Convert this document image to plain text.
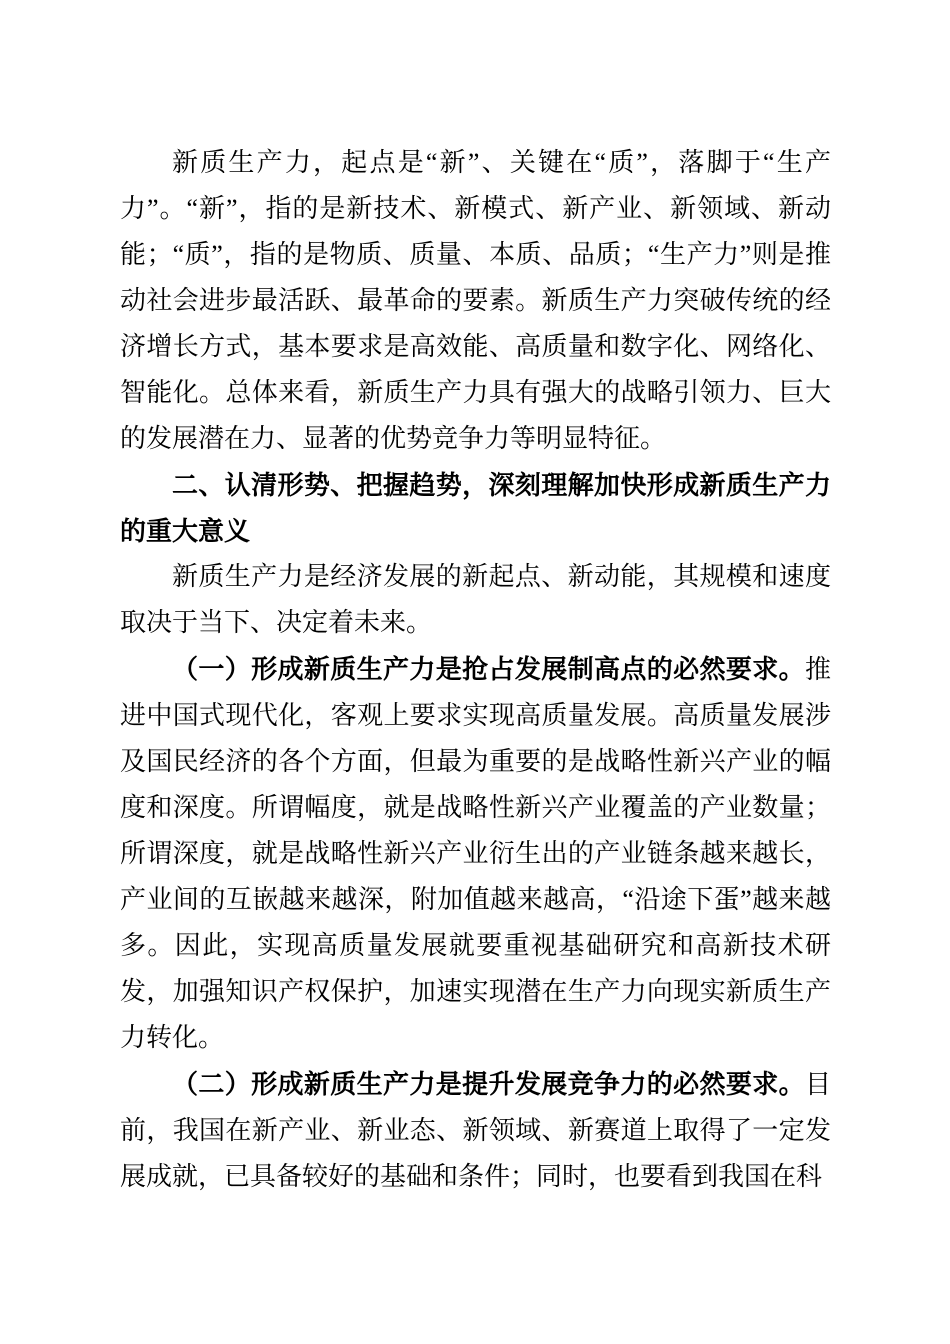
新质生产力，起点是“新”、关键在“质”，落脚于“生产力”。“新”，指的是新技术、新模式、新产业、新领域、新动能；“质”，指的是物质、质量、本质、品质；“生产力”则是推动社会进步最活跃、最革命的要素。新质生产力突破传统的经济增长方式，基本要求是高效能、高质量和数字化、网络化、智能化。总体来看，新质生产力具有强大的战略引领力、巨大的发展潜在力、显著的优势竞争力等明显特征。

二、认清形势、把握趋势，深刻理解加快形成新质生产力的重大意义

新质生产力是经济发展的新起点、新动能，其规模和速度取决于当下、决定着未来。

（一）形成新质生产力是抢占发展制高点的必然要求。推进中国式现代化，客观上要求实现高质量发展。高质量发展涉及国民经济的各个方面，但最为重要的是战略性新兴产业的幅度和深度。所谓幅度，就是战略性新兴产业覆盖的产业数量；所谓深度，就是战略性新兴产业衍生出的产业链条越来越长，产业间的互嵌越来越深，附加值越来越高，“沿途下蛋”越来越多。因此，实现高质量发展就要重视基础研究和高新技术研发，加强知识产权保护，加速实现潜在生产力向现实新质生产力转化。

（二）形成新质生产力是提升发展竞争力的必然要求。目前，我国在新产业、新业态、新领域、新赛道上取得了一定发展成就，已具备较好的基础和条件；同时，也要看到我国在科
